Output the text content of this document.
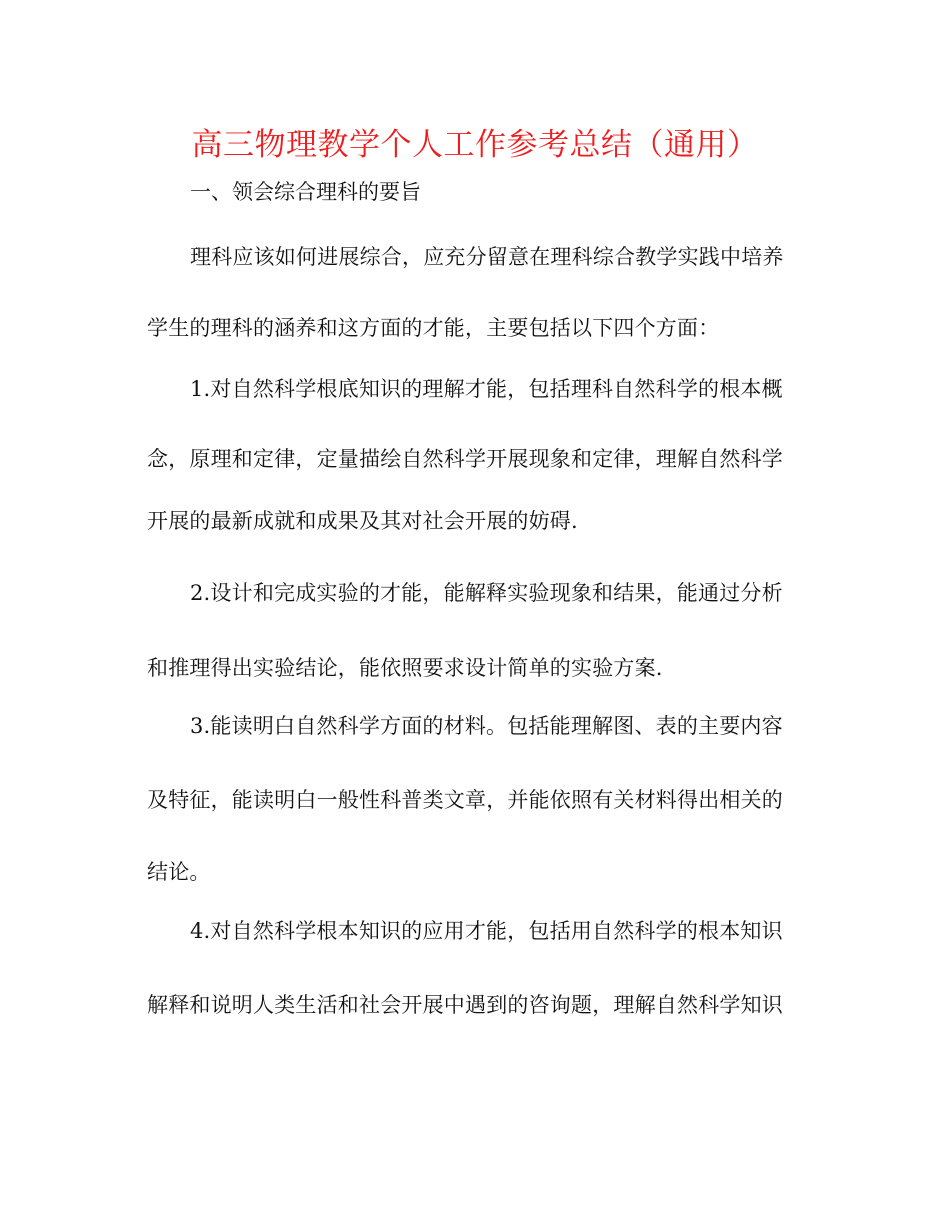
高三物理教学个人工作参考总结（通用）
一、领会综合理科的要旨
理科应该如何进展综合，应充分留意在理科综合教学实践中培养
学生的理科的涵养和这方面的才能，主要包括以下四个方面：
1.对自然科学根底知识的理解才能，包括理科自然科学的根本概
念，原理和定律，定量描绘自然科学开展现象和定律，理解自然科学
开展的最新成就和成果及其对社会开展的妨碍.
2.设计和完成实验的才能，能解释实验现象和结果，能通过分析
和推理得出实验结论，能依照要求设计简单的实验方案.
3.能读明白自然科学方面的材料。包括能理解图、表的主要内容
及特征，能读明白一般性科普类文章，并能依照有关材料得出相关的
结论。
4.对自然科学根本知识的应用才能，包括用自然科学的根本知识
解释和说明人类生活和社会开展中遇到的咨询题，理解自然科学知识
